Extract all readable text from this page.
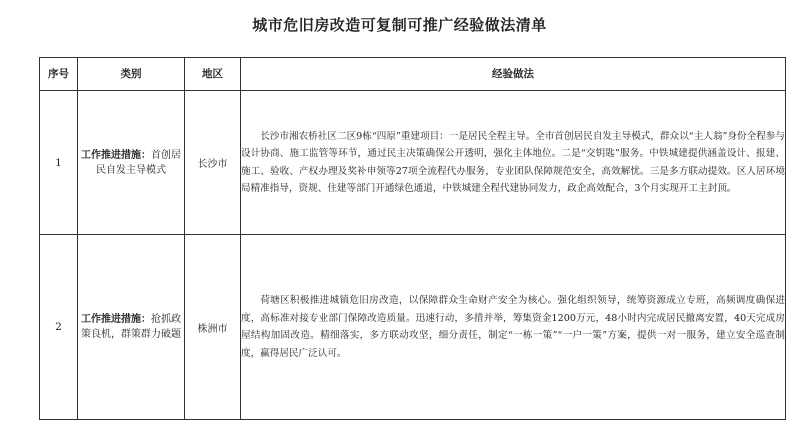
城市危旧房改造可复制可推广经验做法清单
序号	类别	地区	经验做法
1	工作推进措施：首创居民自发主导模式	长沙市	长沙市湘农桥社区二区9栋“四原”重建项目：一是居民全程主导。全市首创居民自发主导模式，群众以“主人翁”身份全程参与设计协商、施工监管等环节，通过民主决策确保公开透明，强化主体地位。二是“交钥匙”服务。中铁城建提供涵盖设计、报建、施工、验收、产权办理及奖补申领等27项全流程代办服务，专业团队保障规范安全，高效解忧。三是多方联动提效。区人居环境局精准指导，资规、住建等部门开通绿色通道，中铁城建全程代建协同发力，政企高效配合，3个月实现开工主封顶。
2	工作推进措施：抢抓政策良机，群策群力破题	株洲市	荷塘区积极推进城镇危旧房改造，以保障群众生命财产安全为核心。强化组织领导，统筹资源成立专班，高频调度确保进度，高标准对接专业部门保障改造质量。迅速行动，多措并举，筹集资金1200万元，48小时内完成居民撤离安置，40天完成房屋结构加固改造。精细落实，多方联动攻坚，细分责任，制定“一栋一策”“一户一策”方案，提供一对一服务，建立安全巡查制度，赢得居民广泛认可。
